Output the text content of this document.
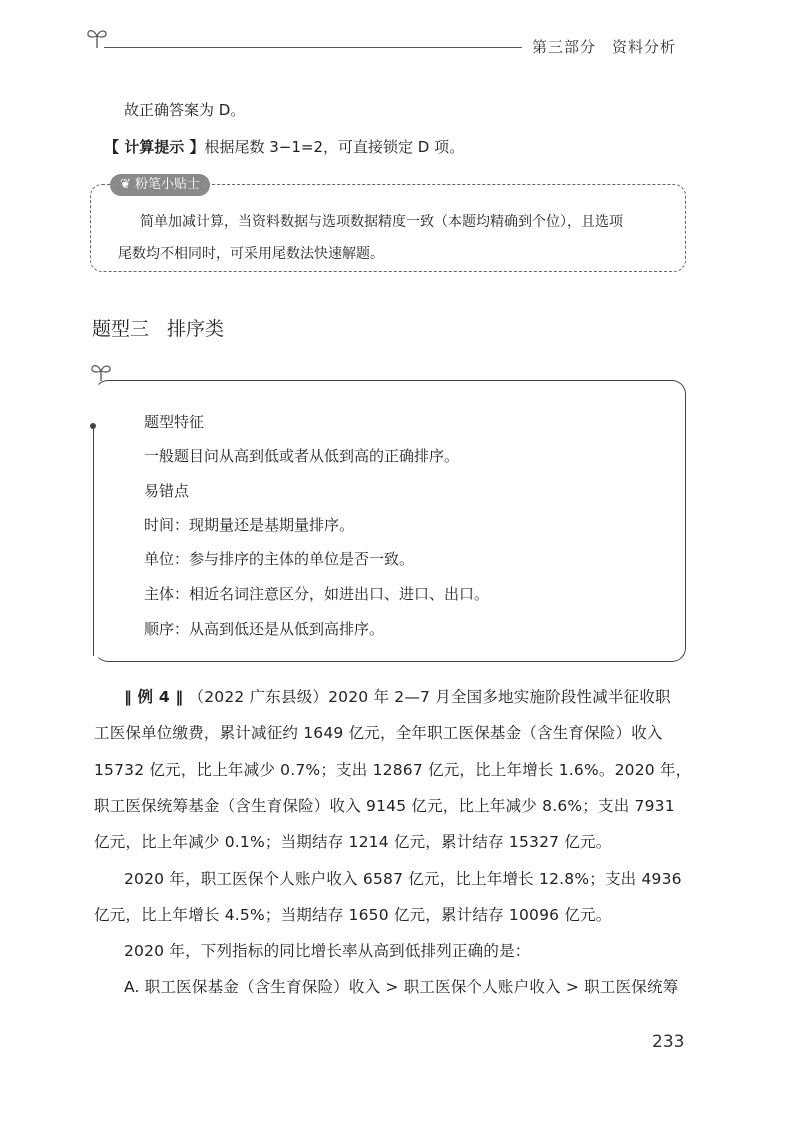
第三部分 资料分析
故正确答案为 D。
【 计算提示 】根据尾数 3−1=2，可直接锁定 D 项。
❦ 粉笔小贴士
简单加减计算，当资料数据与选项数据精度一致（本题均精确到个位），且选项
尾数均不相同时，可采用尾数法快速解题。
题型三 排序类
题型特征
一般题目问从高到低或者从低到高的正确排序。
易错点
时间：现期量还是基期量排序。
单位：参与排序的主体的单位是否一致。
主体：相近名词注意区分，如进出口、进口、出口。
顺序：从高到低还是从低到高排序。
‖ 例 4 ‖ （2022 广东县级）2020 年 2—7 月全国多地实施阶段性减半征收职
工医保单位缴费，累计减征约 1649 亿元，全年职工医保基金（含生育保险）收入
15732 亿元，比上年减少 0.7%；支出 12867 亿元，比上年增长 1.6%。2020 年，
职工医保统筹基金（含生育保险）收入 9145 亿元，比上年减少 8.6%；支出 7931
亿元，比上年减少 0.1%；当期结存 1214 亿元，累计结存 15327 亿元。
2020 年，职工医保个人账户收入 6587 亿元，比上年增长 12.8%；支出 4936
亿元，比上年增长 4.5%；当期结存 1650 亿元，累计结存 10096 亿元。
2020 年，下列指标的同比增长率从高到低排列正确的是：
A. 职工医保基金（含生育保险）收入 > 职工医保个人账户收入 > 职工医保统筹
233
